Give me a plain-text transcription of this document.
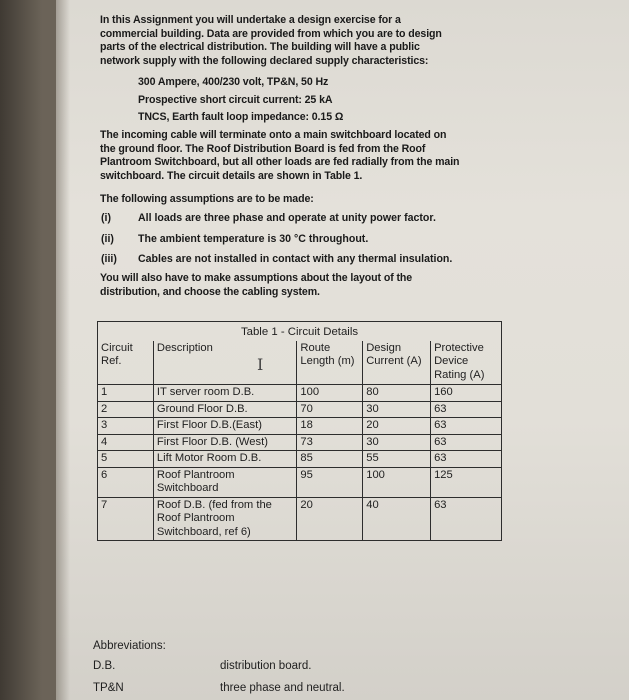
In this Assignment you will undertake a design exercise for a
commercial building. Data are provided from which you are to design
parts of the electrical distribution. The building will have a public
network supply with the following declared supply characteristics:
300 Ampere, 400/230 volt, TP&N, 50 Hz
Prospective short circuit current: 25 kA
TNCS, Earth fault loop impedance: 0.15 Ω
The incoming cable will terminate onto a main switchboard located on
the ground floor. The Roof Distribution Board is fed from the Roof
Plantroom Switchboard, but all other loads are fed radially from the main
switchboard. The circuit details are shown in Table 1.
The following assumptions are to be made:
(i)	All loads are three phase and operate at unity power factor.
(ii) The ambient temperature is 30 °C throughout.
(iii) Cables are not installed in contact with any thermal insulation.
You will also have to make assumptions about the layout of the
distribution, and choose the cabling system.
Table 1 - Circuit Details				
Circuit Ref.	Description	Route Length (m)	Design Current (A)	Protective Device Rating (A)
1	IT server room D.B.	100	80	160
2	Ground Floor D.B.	70	30	63
3	First Floor D.B.(East)	18	20	63
4	First Floor D.B. (West)	73	30	63
5	Lift Motor Room D.B.	85	55	63
6	Roof Plantroom Switchboard	95	100	125
7	Roof D.B. (fed from the Roof Plantroom Switchboard, ref 6)	20	40	63
I
Abbreviations:
D.B.	distribution board.
TP&N	three phase and neutral.
